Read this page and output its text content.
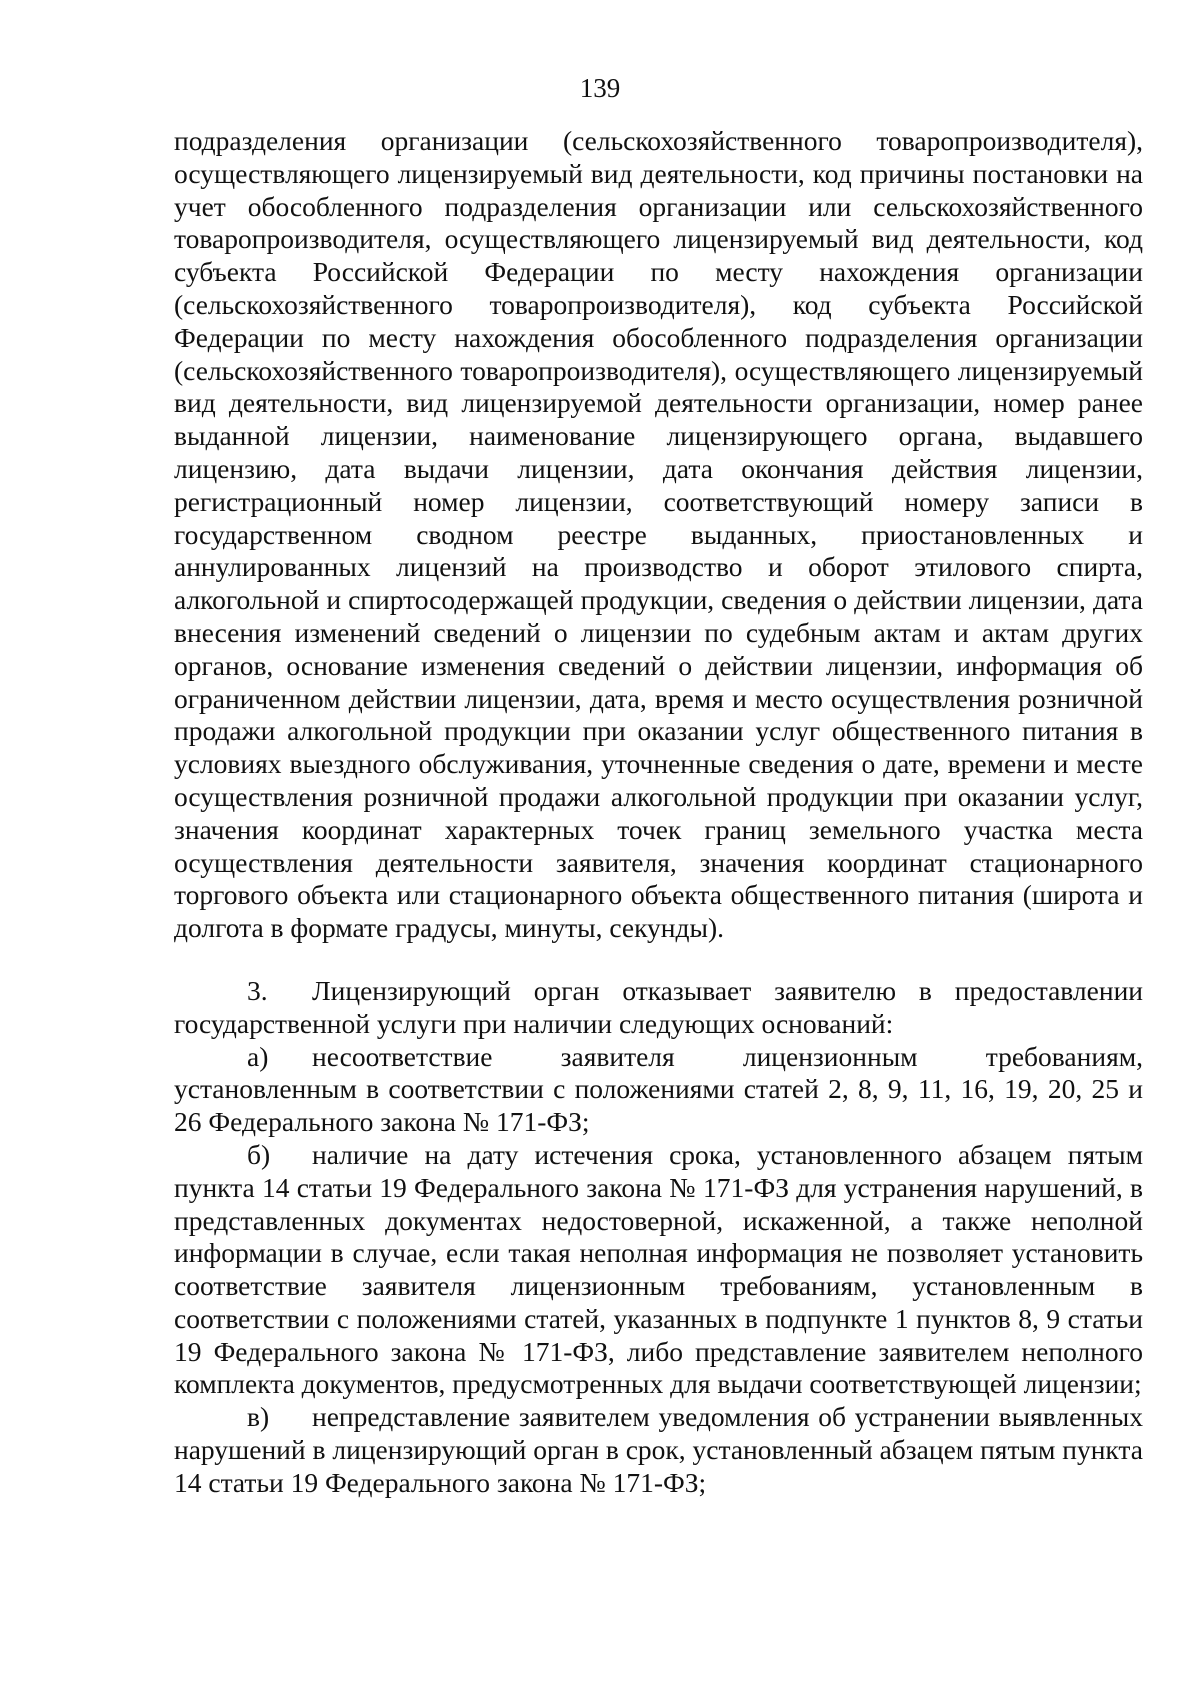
139

подразделения организации (сельскохозяйственного товаропроизводителя), осуществляющего лицензируемый вид деятельности, код причины постановки на учет обособленного подразделения организации или сельскохозяйственного товаропроизводителя, осуществляющего лицензируемый вид деятельности, код субъекта Российской Федерации по месту нахождения организации (сельскохозяйственного товаропроизводителя), код субъекта Российской Федерации по месту нахождения обособленного подразделения организации (сельскохозяйственного товаропроизводителя), осуществляющего лицензируемый вид деятельности, вид лицензируемой деятельности организации, номер ранее выданной лицензии, наименование лицензирующего органа, выдавшего лицензию, дата выдачи лицензии, дата окончания действия лицензии, регистрационный номер лицензии, соответствующий номеру записи в государственном сводном реестре выданных, приостановленных и аннулированных лицензий на производство и оборот этилового спирта, алкогольной и спиртосодержащей продукции, сведения о действии лицензии, дата внесения изменений сведений о лицензии по судебным актам и актам других органов, основание изменения сведений о действии лицензии, информация об ограниченном действии лицензии, дата, время и место осуществления розничной продажи алкогольной продукции при оказании услуг общественного питания в условиях выездного обслуживания, уточненные сведения о дате, времени и месте осуществления розничной продажи алкогольной продукции при оказании услуг, значения координат характерных точек границ земельного участка места осуществления деятельности заявителя, значения координат стационарного торгового объекта или стационарного объекта общественного питания (широта и долгота в формате градусы, минуты, секунды).

3. Лицензирующий орган отказывает заявителю в предоставлении государственной услуги при наличии следующих оснований:

а) несоответствие заявителя лицензионным требованиям, установленным в соответствии с положениями статей 2, 8, 9, 11, 16, 19, 20, 25 и 26 Федерального закона № 171-ФЗ;

б) наличие на дату истечения срока, установленного абзацем пятым пункта 14 статьи 19 Федерального закона № 171-ФЗ для устранения нарушений, в представленных документах недостоверной, искаженной, а также неполной информации в случае, если такая неполная информация не позволяет установить соответствие заявителя лицензионным требованиям, установленным в соответствии с положениями статей, указанных в подпункте 1 пунктов 8, 9 статьи 19 Федерального закона № 171-ФЗ, либо представление заявителем неполного комплекта документов, предусмотренных для выдачи соответствующей лицензии;

в) непредставление заявителем уведомления об устранении выявленных нарушений в лицензирующий орган в срок, установленный абзацем пятым пункта 14 статьи 19 Федерального закона № 171-ФЗ;
